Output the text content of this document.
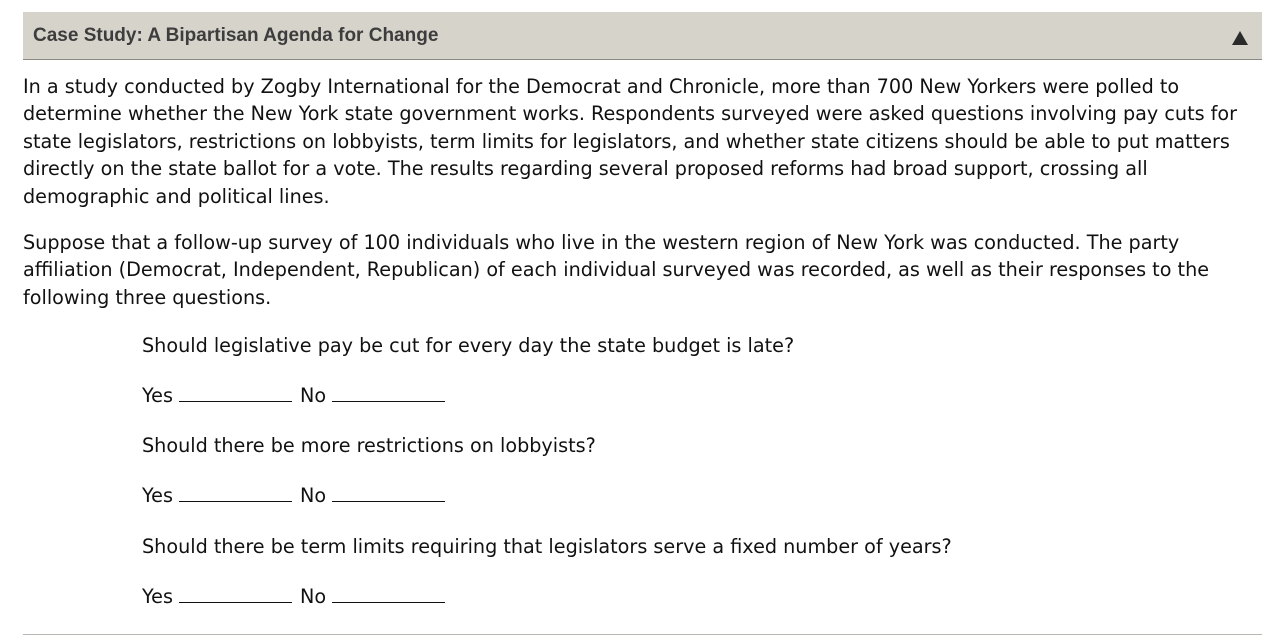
Case Study: A Bipartisan Agenda for Change

In a study conducted by Zogby International for the Democrat and Chronicle, more than 700 New Yorkers were polled to determine whether the New York state government works. Respondents surveyed were asked questions involving pay cuts for state legislators, restrictions on lobbyists, term limits for legislators, and whether state citizens should be able to put matters directly on the state ballot for a vote. The results regarding several proposed reforms had broad support, crossing all demographic and political lines.

Suppose that a follow-up survey of 100 individuals who live in the western region of New York was conducted. The party affiliation (Democrat, Independent, Republican) of each individual surveyed was recorded, as well as their responses to the following three questions.

Should legislative pay be cut for every day the state budget is late?
Yes	No
Should there be more restrictions on lobbyists?
Yes	No
Should there be term limits requiring that legislators serve a fixed number of years?
Yes	No
